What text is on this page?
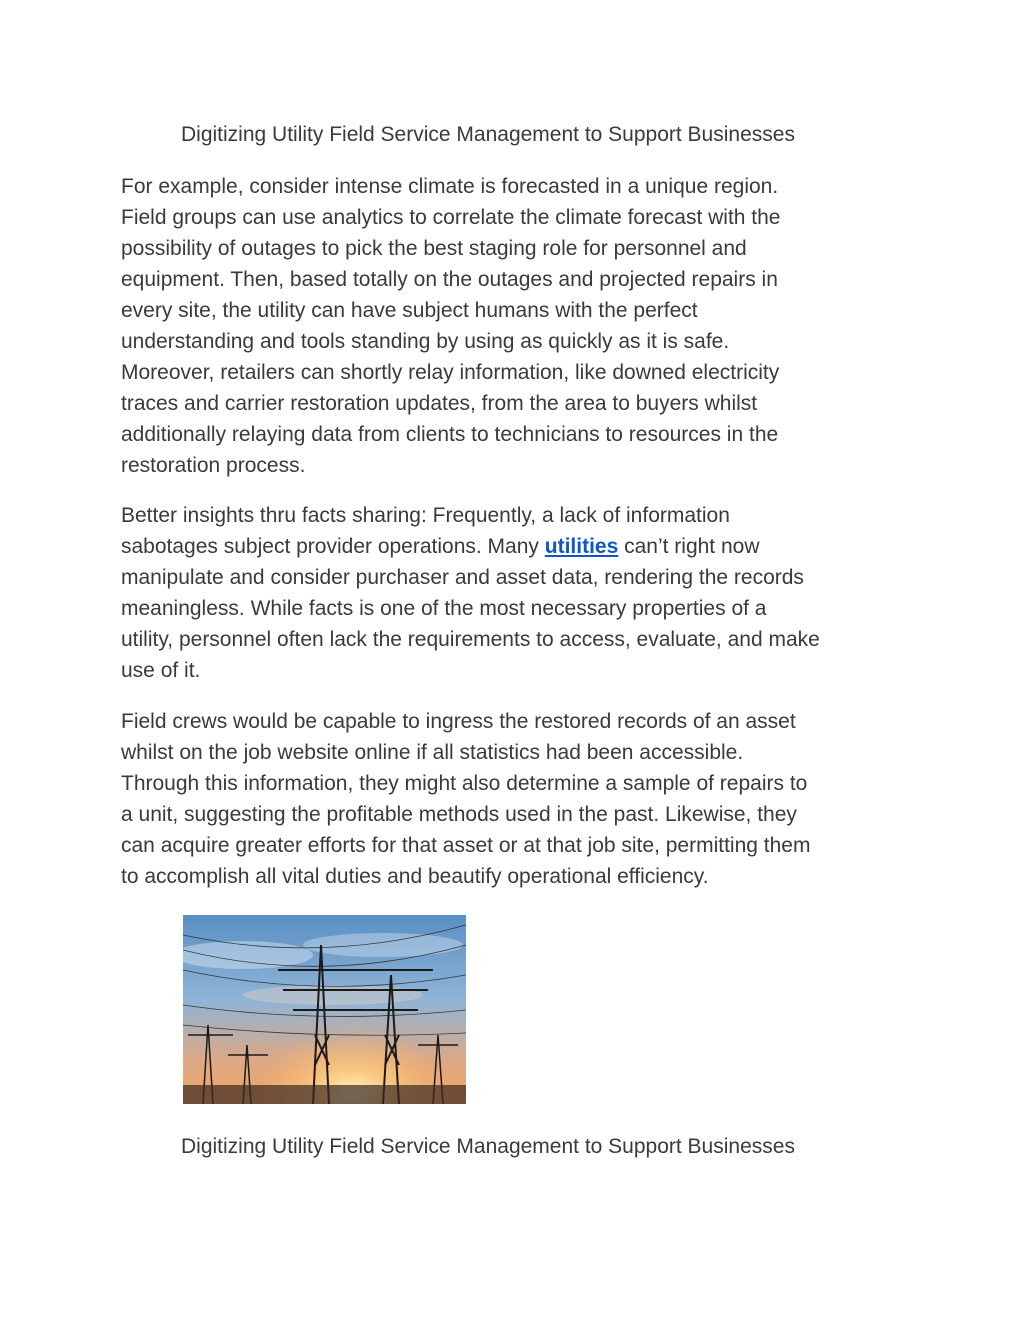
Digitizing Utility Field Service Management to Support Businesses

For example, consider intense climate is forecasted in a unique region.
Field groups can use analytics to correlate the climate forecast with the
possibility of outages to pick the best staging role for personnel and
equipment. Then, based totally on the outages and projected repairs in
every site, the utility can have subject humans with the perfect
understanding and tools standing by using as quickly as it is safe.
Moreover, retailers can shortly relay information, like downed electricity
traces and carrier restoration updates, from the area to buyers whilst
additionally relaying data from clients to technicians to resources in the
restoration process.

Better insights thru facts sharing: Frequently, a lack of information
sabotages subject provider operations. Many utilities can’t right now
manipulate and consider purchaser and asset data, rendering the records
meaningless. While facts is one of the most necessary properties of a
utility, personnel often lack the requirements to access, evaluate, and make
use of it.

Field crews would be capable to ingress the restored records of an asset
whilst on the job website online if all statistics had been accessible.
Through this information, they might also determine a sample of repairs to
a unit, suggesting the profitable methods used in the past. Likewise, they
can acquire greater efforts for that asset or at that job site, permitting them
to accomplish all vital duties and beautify operational efficiency.

Digitizing Utility Field Service Management to Support Businesses
